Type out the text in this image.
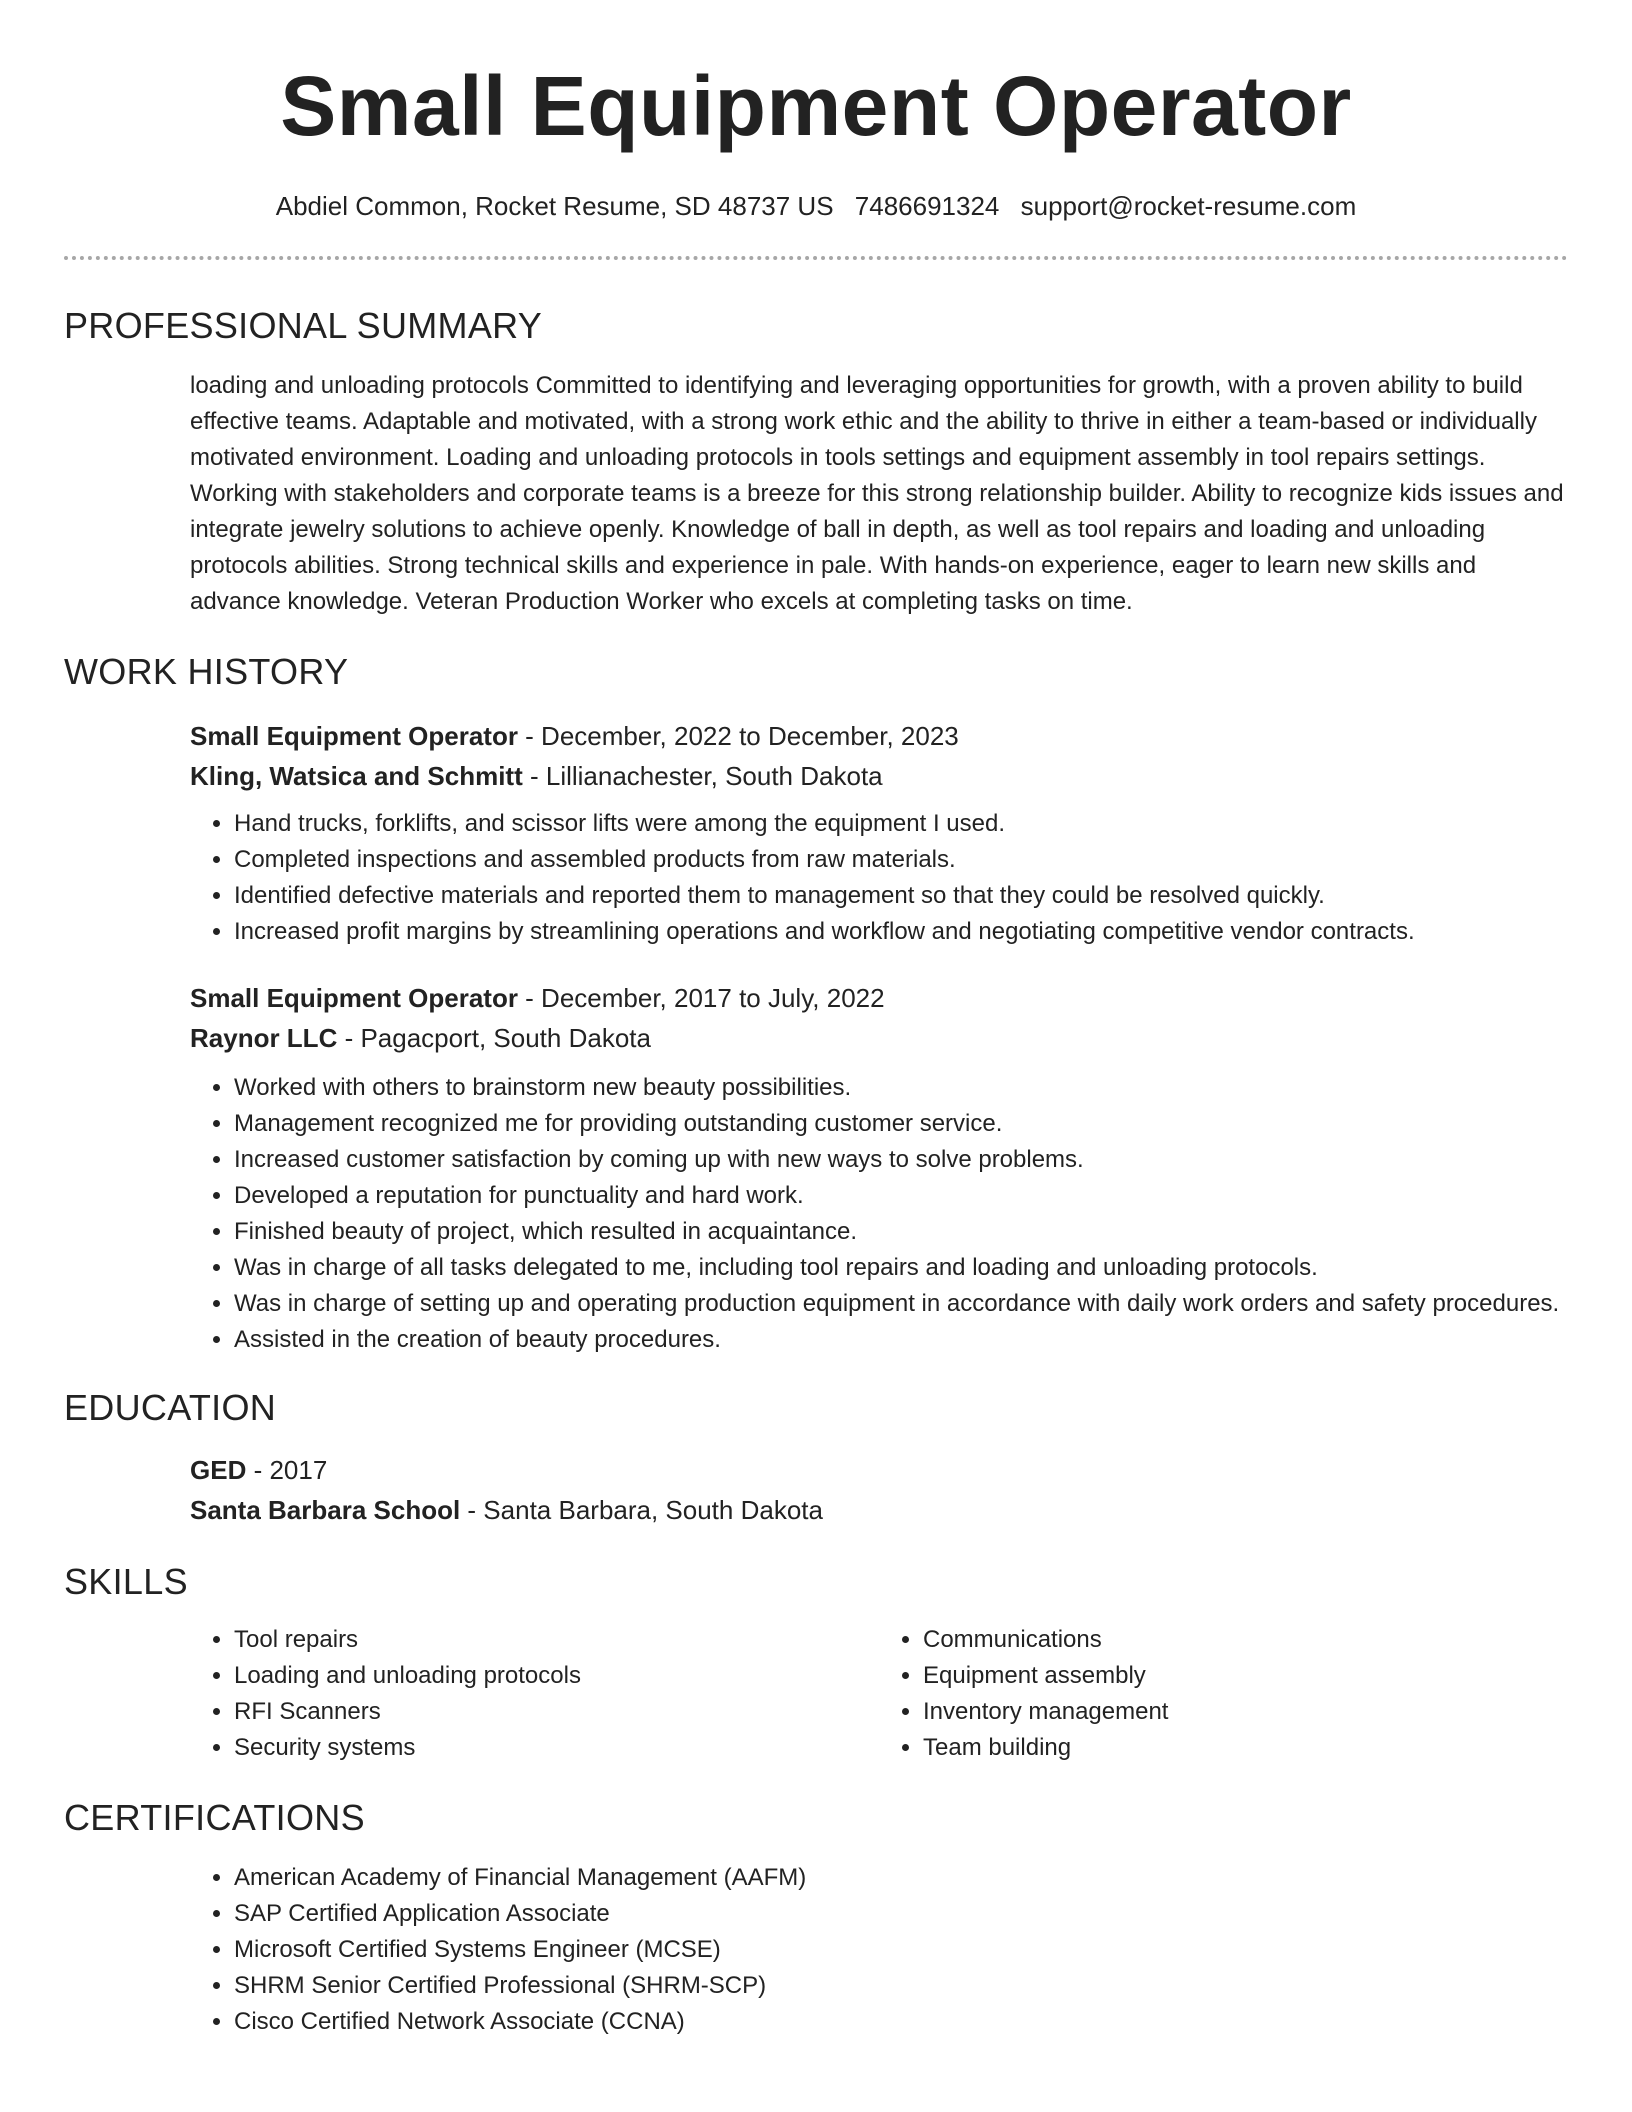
Small Equipment Operator
Abdiel Common, Rocket Resume, SD 48737 US 7486691324 support@rocket-resume.com
PROFESSIONAL SUMMARY

loading and unloading protocols Committed to identifying and leveraging opportunities for growth, with a proven ability to build effective teams. Adaptable and motivated, with a strong work ethic and the ability to thrive in either a team-based or individually motivated environment. Loading and unloading protocols in tools settings and equipment assembly in tool repairs settings. Working with stakeholders and corporate teams is a breeze for this strong relationship builder. Ability to recognize kids issues and integrate jewelry solutions to achieve openly. Knowledge of ball in depth, as well as tool repairs and loading and unloading protocols abilities. Strong technical skills and experience in pale. With hands-on experience, eager to learn new skills and advance knowledge. Veteran Production Worker who excels at completing tasks on time.

WORK HISTORY

Small Equipment Operator - December, 2022 to December, 2023

Kling, Watsica and Schmitt - Lillianachester, South Dakota

• Hand trucks, forklifts, and scissor lifts were among the equipment I used.
• Completed inspections and assembled products from raw materials.
• Identified defective materials and reported them to management so that they could be resolved quickly.
• Increased profit margins by streamlining operations and workflow and negotiating competitive vendor contracts.

Small Equipment Operator - December, 2017 to July, 2022

Raynor LLC - Pagacport, South Dakota

• Worked with others to brainstorm new beauty possibilities.
• Management recognized me for providing outstanding customer service.
• Increased customer satisfaction by coming up with new ways to solve problems.
• Developed a reputation for punctuality and hard work.
• Finished beauty of project, which resulted in acquaintance.
• Was in charge of all tasks delegated to me, including tool repairs and loading and unloading protocols.
• Was in charge of setting up and operating production equipment in accordance with daily work orders and safety procedures.
• Assisted in the creation of beauty procedures.
EDUCATION

GED - 2017

Santa Barbara School - Santa Barbara, South Dakota

SKILLS
• Tool repairs
• Loading and unloading protocols
• RFI Scanners
• Security systems
• Communications
• Equipment assembly
• Inventory management
• Team building
CERTIFICATIONS
• American Academy of Financial Management (AAFM)
• SAP Certified Application Associate
• Microsoft Certified Systems Engineer (MCSE)
• SHRM Senior Certified Professional (SHRM-SCP)
• Cisco Certified Network Associate (CCNA)
